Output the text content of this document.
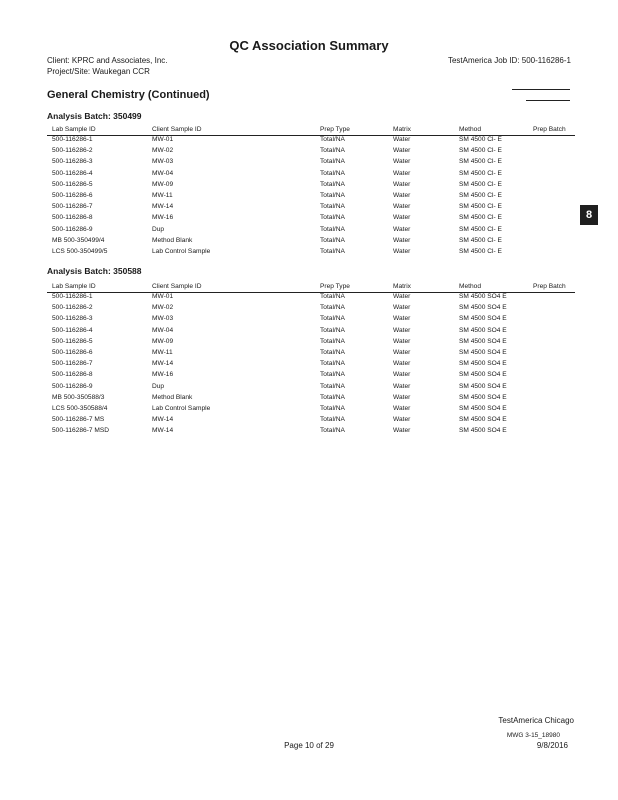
QC Association Summary
Client: KPRC and Associates, Inc.
Project/Site: Waukegan CCR
TestAmerica Job ID: 500-116286-1
General Chemistry (Continued)
Analysis Batch: 350499
Lab Sample ID	Client Sample ID	Prep Type	Matrix	Method	Prep Batch
500-116286-1	MW-01	Total/NA	Water	SM 4500 Cl- E
500-116286-2	MW-02	Total/NA	Water	SM 4500 Cl- E
500-116286-3	MW-03	Total/NA	Water	SM 4500 Cl- E
500-116286-4	MW-04	Total/NA	Water	SM 4500 Cl- E
500-116286-5	MW-09	Total/NA	Water	SM 4500 Cl- E
500-116286-6	MW-11	Total/NA	Water	SM 4500 Cl- E
500-116286-7	MW-14	Total/NA	Water	SM 4500 Cl- E
500-116286-8	MW-16	Total/NA	Water	SM 4500 Cl- E
500-116286-9	Dup	Total/NA	Water	SM 4500 Cl- E
MB 500-350499/4	Method Blank	Total/NA	Water	SM 4500 Cl- E
LCS 500-350499/5	Lab Control Sample	Total/NA	Water	SM 4500 Cl- E
Analysis Batch: 350588
Lab Sample ID	Client Sample ID	Prep Type	Matrix	Method	Prep Batch
500-116286-1	MW-01	Total/NA	Water	SM 4500 SO4 E
500-116286-2	MW-02	Total/NA	Water	SM 4500 SO4 E
500-116286-3	MW-03	Total/NA	Water	SM 4500 SO4 E
500-116286-4	MW-04	Total/NA	Water	SM 4500 SO4 E
500-116286-5	MW-09	Total/NA	Water	SM 4500 SO4 E
500-116286-6	MW-11	Total/NA	Water	SM 4500 SO4 E
500-116286-7	MW-14	Total/NA	Water	SM 4500 SO4 E
500-116286-8	MW-16	Total/NA	Water	SM 4500 SO4 E
500-116286-9	Dup	Total/NA	Water	SM 4500 SO4 E
MB 500-350588/3	Method Blank	Total/NA	Water	SM 4500 SO4 E
LCS 500-350588/4	Lab Control Sample	Total/NA	Water	SM 4500 SO4 E
500-116286-7 MS	MW-14	Total/NA	Water	SM 4500 SO4 E
500-116286-7 MSD	MW-14	Total/NA	Water	SM 4500 SO4 E
8
TestAmerica Chicago
MWG 3-15_18980
Page 10 of 29	9/8/2016
